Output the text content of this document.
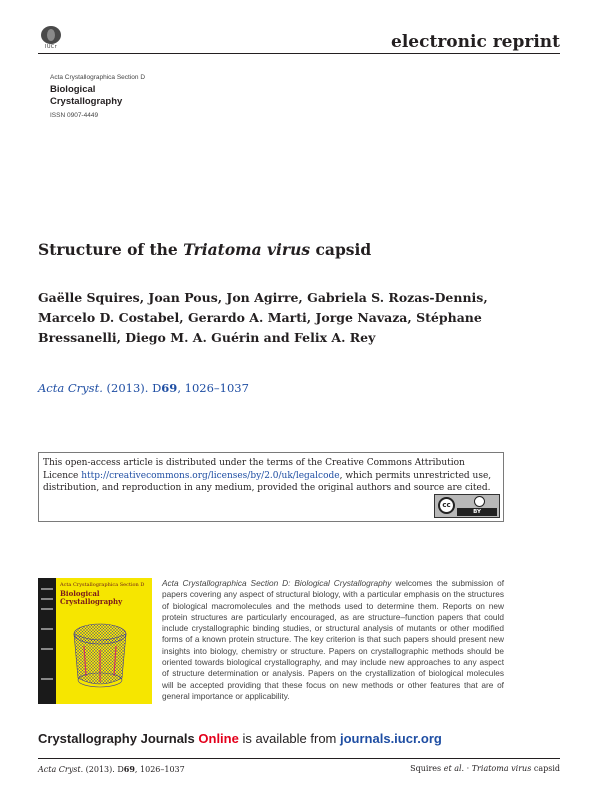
IUCr	electronic reprint
Acta Crystallographica Section D
Biological
Crystallography
ISSN 0907-4449
Structure of the Triatoma virus capsid
Gaëlle Squires, Joan Pous, Jon Agirre, Gabriela S. Rozas-Dennis, Marcelo D. Costabel, Gerardo A. Marti, Jorge Navaza, Stéphane Bressanelli, Diego M. A. Guérin and Felix A. Rey
Acta Cryst. (2013). D69, 1026–1037
This open-access article is distributed under the terms of the Creative Commons Attribution Licence http://creativecommons.org/licenses/by/2.0/uk/legalcode, which permits unrestricted use, distribution, and reproduction in any medium, provided the original authors and source are cited.
cc
BY
Acta Crystallographica Section D
Biological Crystallography
Acta Crystallographica Section D: Biological Crystallography welcomes the submission of papers covering any aspect of structural biology, with a particular emphasis on the structures of biological macromolecules and the methods used to determine them. Reports on new protein structures are particularly encouraged, as are structure–function papers that could include crystallographic binding studies, or structural analysis of mutants or other modified forms of a known protein structure. The key criterion is that such papers should present new insights into biology, chemistry or structure. Papers on crystallographic methods should be oriented towards biological crystallography, and may include new approaches to any aspect of structure determination or analysis. Papers on the crystallization of biological molecules will be accepted providing that these focus on new methods or other features that are of general importance or applicability.
Crystallography Journals Online is available from journals.iucr.org
Acta Cryst. (2013). D69, 1026–1037	Squires et al. · Triatoma virus capsid
